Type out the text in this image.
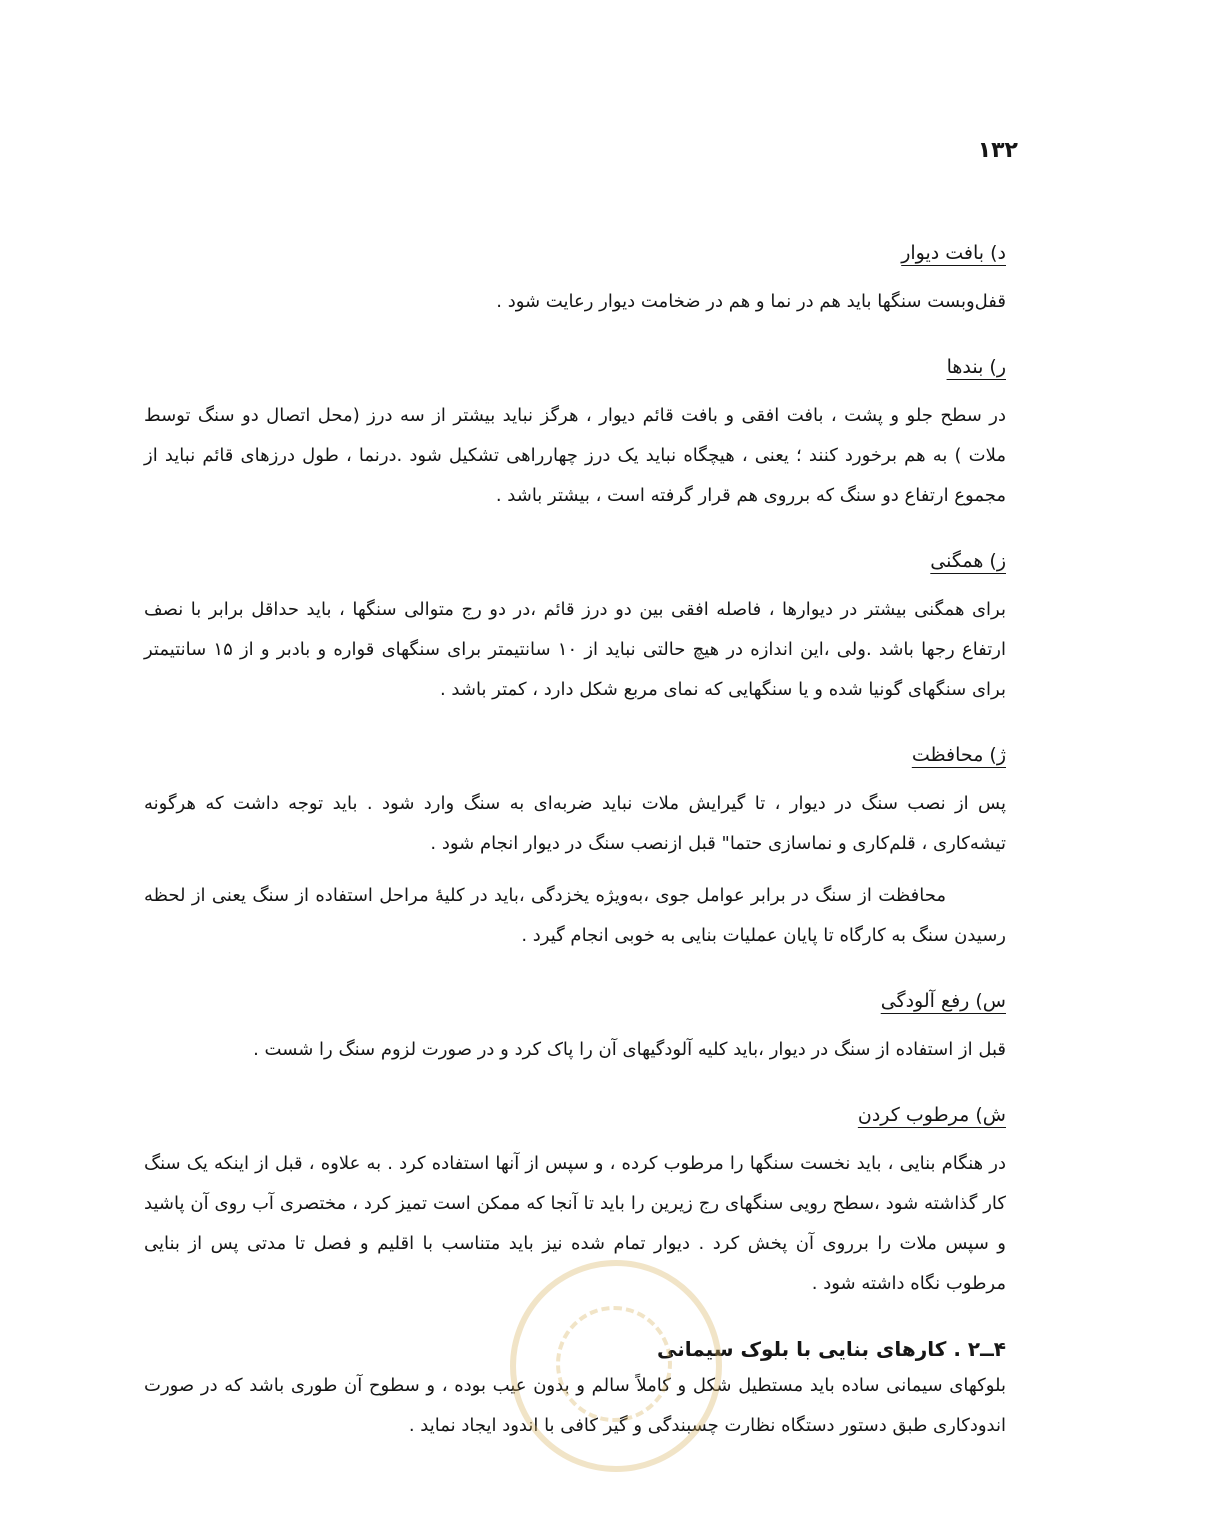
۱۳۲
د) بافت دیوار

قفل‌وبست سنگها باید هم در نما و هم در ضخامت دیوار رعایت شود .

ر) بندها

در سطح جلو و پشت ، بافت افقی و بافت قائم دیوار ، هرگز نباید بیشتر از سه درز (محل اتصال دو سنگ توسط ملات ) به هم برخورد کنند ؛ یعنی ، هیچگاه نباید یک درز چهارراهی تشکیل شود .درنما ، طول درزهای قائم نباید از مجموع ارتفاع دو سنگ که برروی هم قرار گرفته است ، بیشتر باشد .

ز) همگنی

برای همگنی بیشتر در دیوارها ، فاصله افقی بین دو درز قائم ،در دو رج متوالی سنگها ، باید حداقل برابر با نصف ارتفاع رجها باشد .ولی ،این اندازه در هیچ حالتی نباید از ۱۰ سانتیمتر برای سنگهای قواره و بادبر و از ۱۵ سانتیمتر برای سنگهای گونیا شده و یا سنگهایی که نمای مربع شکل دارد ، کمتر باشد .

ژ) محافظت

پس از نصب سنگ در دیوار ، تا گیرایش ملات نباید ضربه‌ای به سنگ وارد شود . باید توجه داشت که هرگونه تیشه‌کاری ، قلم‌کاری و نماسازی حتما" قبل ازنصب سنگ در دیوار انجام شود .

محافظت از سنگ در برابر عوامل جوی ،به‌ویژه یخزدگی ،باید در کلیهٔ مراحل استفاده از سنگ یعنی از لحظه رسیدن سنگ به کارگاه تا پایان عملیات بنایی به خوبی انجام گیرد .

س) رفع آلودگی

قبل از استفاده از سنگ در دیوار ،باید کلیه آلودگیهای آن را پاک کرد و در صورت لزوم سنگ را شست .

ش) مرطوب کردن

در هنگام بنایی ، باید نخست سنگها را مرطوب کرده ، و سپس از آنها استفاده کرد . به علاوه ، قبل از اینکه یک سنگ کار گذاشته شود ،سطح رویی سنگهای رج زیرین را باید تا آنجا که ممکن است تمیز کرد ، مختصری آب روی آن پاشید و سپس ملات را برروی آن پخش کرد . دیوار تمام شده نیز باید متناسب با اقلیم و فصل تا مدتی پس از بنایی مرطوب نگاه داشته شود .

۴ــ۲ . کارهای بنایی با بلوک سیمانی

بلوکهای سیمانی ساده باید مستطیل شکل و کاملاً سالم و بدون عیب بوده ، و سطوح آن طوری باشد که در صورت اندودکاری طبق دستور دستگاه نظارت چسبندگی و گیر کافی با اندود ایجاد نماید .
